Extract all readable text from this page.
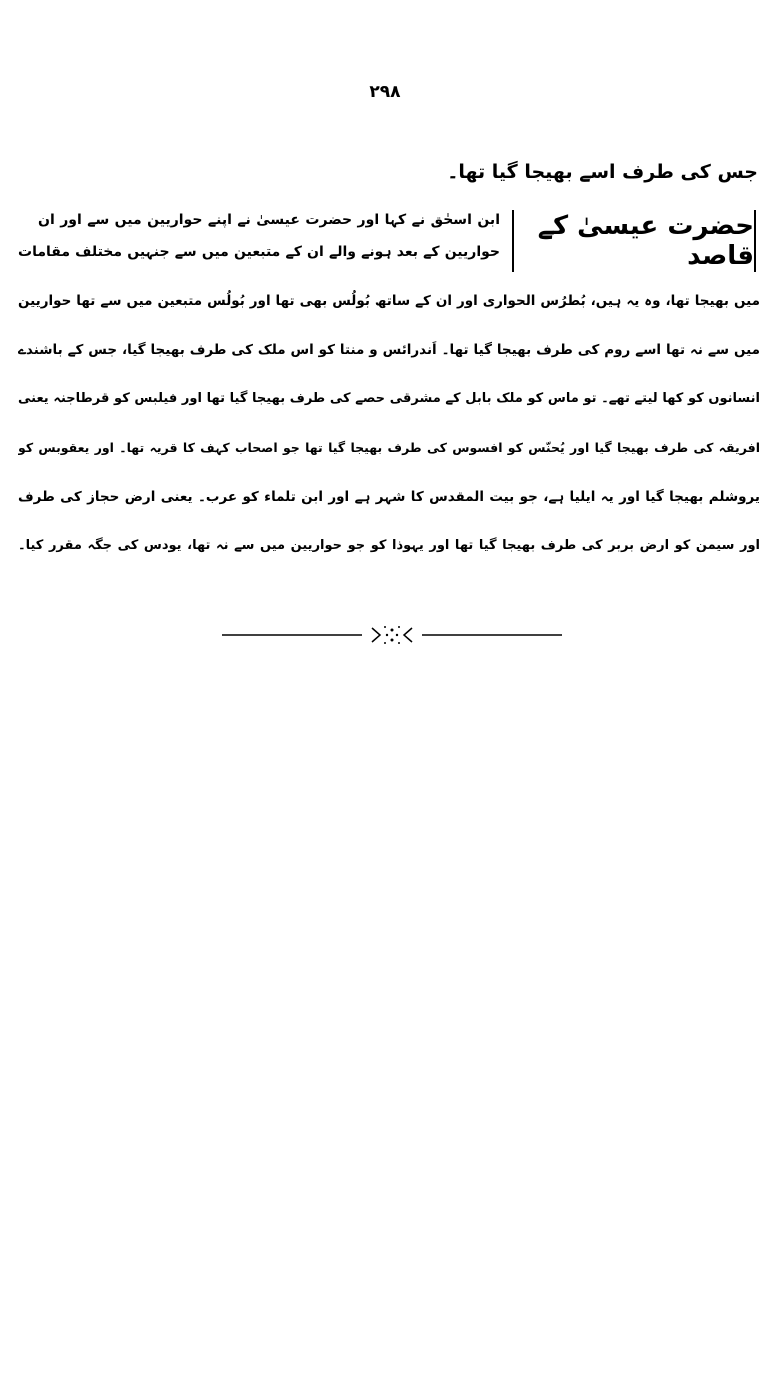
۲۹۸
جس کی طرف اسے بھیجا گیا تھا۔
حضرت عیسیٰ کے قاصد
ابن اسحٰق نے کہا اور حضرت عیسیٰ نے اپنے حواریین میں سے اور ان
حواریین کے بعد ہونے والے ان کے متبعین میں سے جنہیں مختلف مقامات
میں بھیجا تھا، وہ یہ ہیں، بُطرُس الحواری اور ان کے ساتھ بُولُس بھی تھا اور بُولُس متبعین میں سے تھا حواریین
میں سے نہ تھا اسے روم کی طرف بھیجا گیا تھا۔ اَندرائس و منتا کو اس ملک کی طرف بھیجا گیا، جس کے باشندے
انسانوں کو کھا لیتے تھے۔ تو ماس کو ملک بابل کے مشرقی حصے کی طرف بھیجا گیا تھا اور فیلبس کو قرطاجنہ یعنی
افریقہ کی طرف بھیجا گیا اور یُحنّس کو افسوس کی طرف بھیجا گیا تھا جو اصحاب کہف کا قریہ تھا۔ اور یعقوبس کو
یروشلم بھیجا گیا اور یہ ایلیا ہے، جو بیت المقدس کا شہر ہے اور ابن تلماء کو عرب۔ یعنی ارض حجاز کی طرف
اور سیمن کو ارض بربر کی طرف بھیجا گیا تھا اور یہوذا کو جو حواریین میں سے نہ تھا، یودس کی جگہ مقرر کیا۔
